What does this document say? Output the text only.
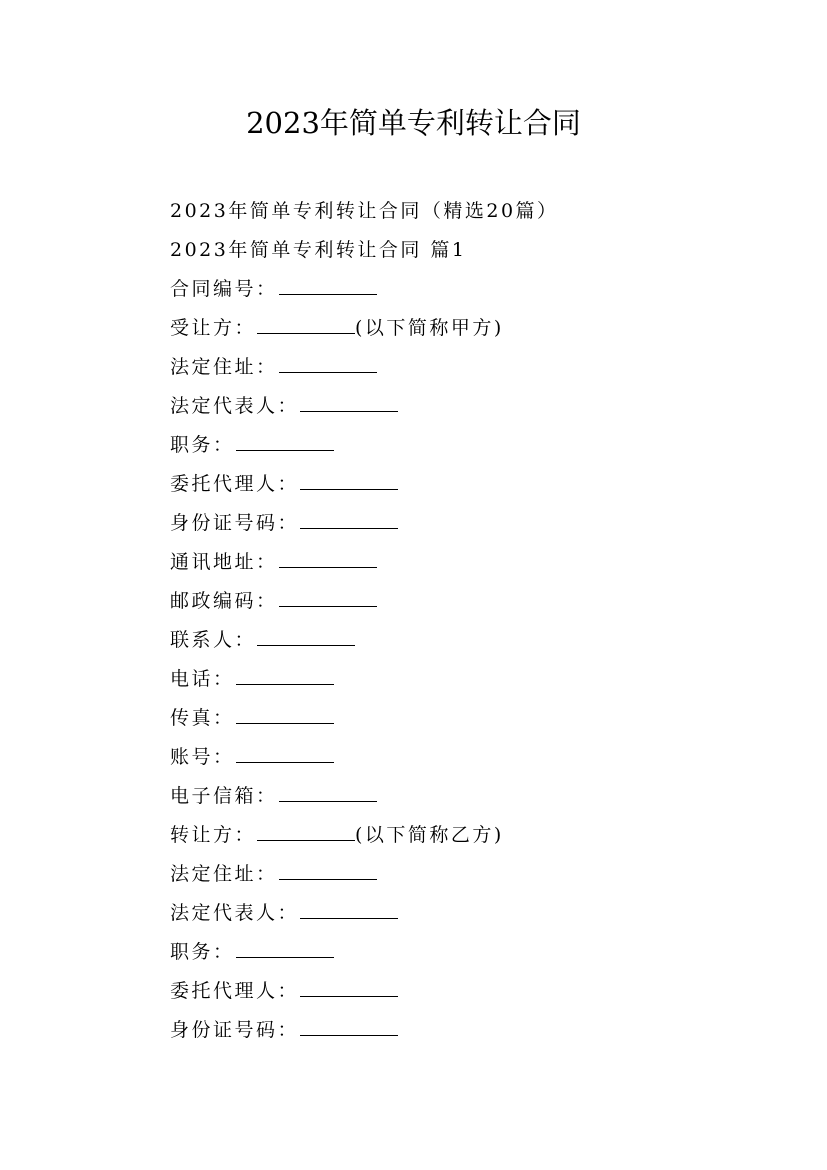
2023年简单专利转让合同
2023年简单专利转让合同（精选20篇）
2023年简单专利转让合同 篇1
合同编号：
受让方：	(以下简称甲方)
法定住址：
法定代表人：
职务：
委托代理人：
身份证号码：
通讯地址：
邮政编码：
联系人：
电话：
传真：
账号：
电子信箱：
转让方：	(以下简称乙方)
法定住址：
法定代表人：
职务：
委托代理人：
身份证号码：
